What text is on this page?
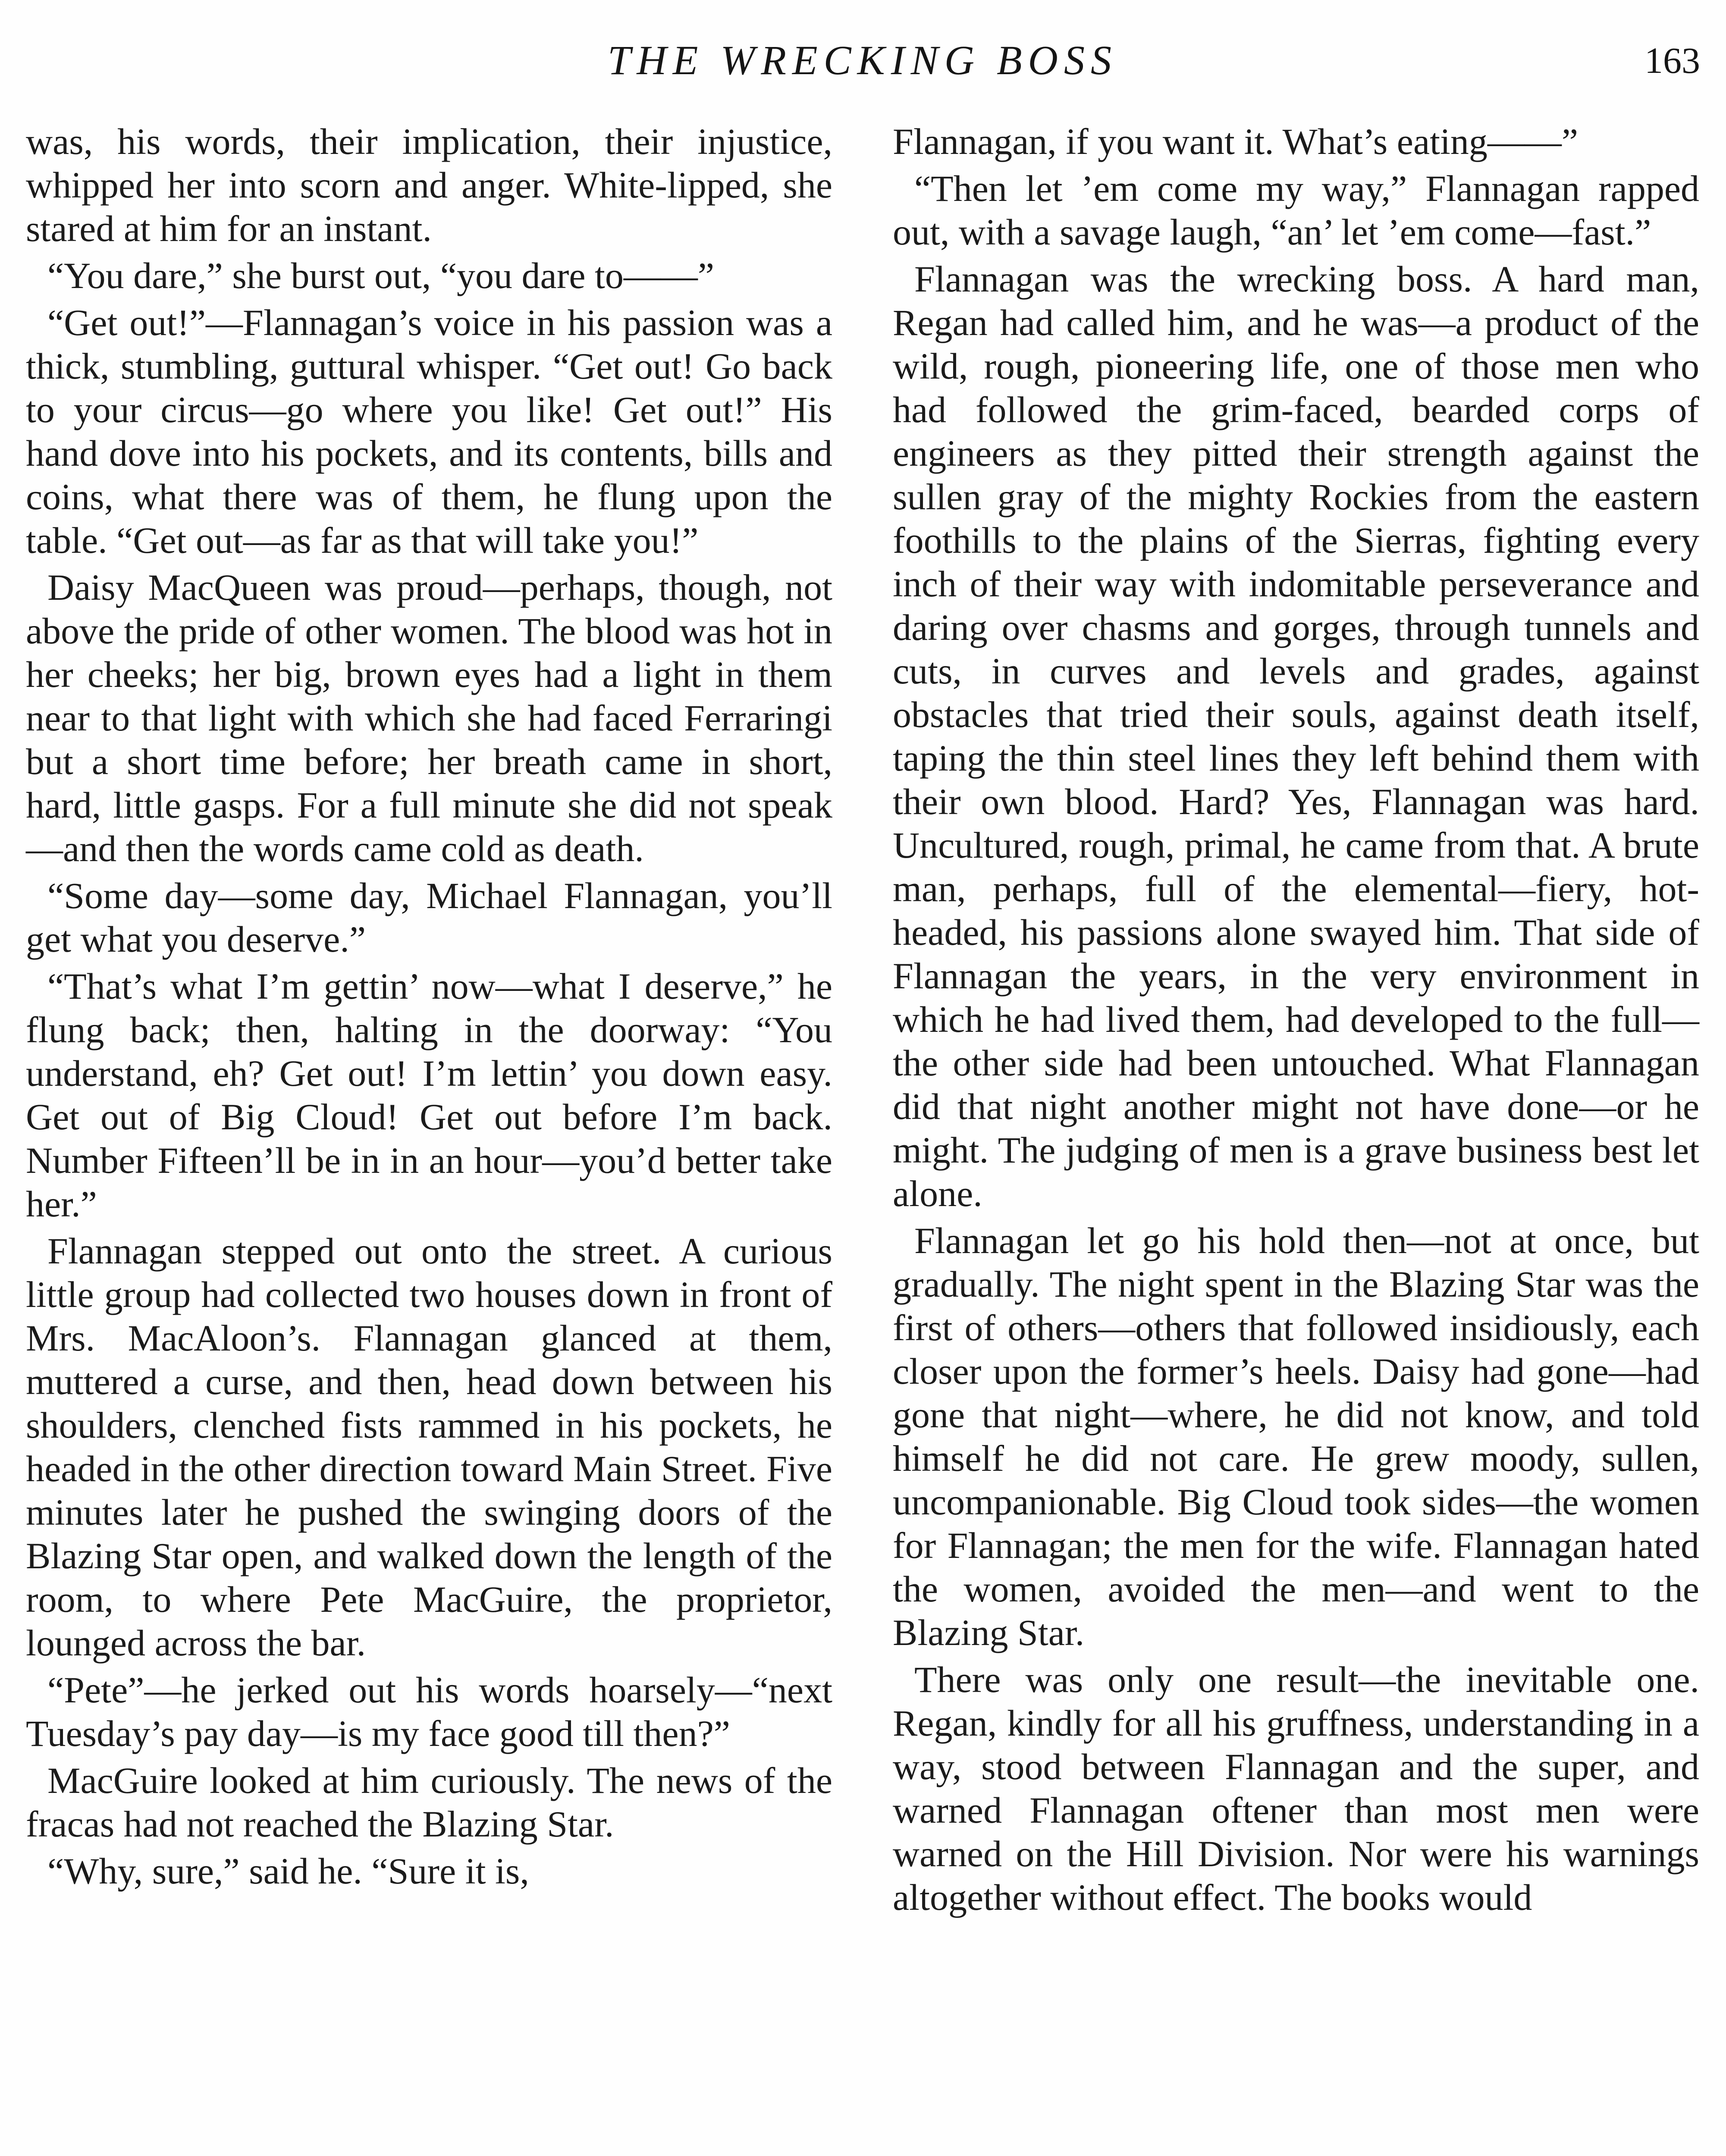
THE WRECKING BOSS	163

was, his words, their implication, their injustice, whipped her into scorn and anger. White-lipped, she stared at him for an instant.

“You dare,” she burst out, “you dare to——”

“Get out!”—Flannagan’s voice in his passion was a thick, stumbling, guttural whisper. “Get out! Go back to your circus—go where you like! Get out!” His hand dove into his pockets, and its contents, bills and coins, what there was of them, he flung upon the table. “Get out—as far as that will take you!”

Daisy MacQueen was proud—perhaps, though, not above the pride of other women. The blood was hot in her cheeks; her big, brown eyes had a light in them near to that light with which she had faced Ferraringi but a short time before; her breath came in short, hard, little gasps. For a full minute she did not speak—and then the words came cold as death.

“Some day—some day, Michael Flannagan, you’ll get what you deserve.”

“That’s what I’m gettin’ now—what I deserve,” he flung back; then, halting in the doorway: “You understand, eh? Get out! I’m lettin’ you down easy. Get out of Big Cloud! Get out before I’m back. Number Fifteen’ll be in in an hour—you’d better take her.”

Flannagan stepped out onto the street. A curious little group had collected two houses down in front of Mrs. MacAloon’s. Flannagan glanced at them, muttered a curse, and then, head down between his shoulders, clenched fists rammed in his pockets, he headed in the other direction toward Main Street. Five minutes later he pushed the swinging doors of the Blazing Star open, and walked down the length of the room, to where Pete MacGuire, the proprietor, lounged across the bar.

“Pete”—he jerked out his words hoarsely—“next Tuesday’s pay day—is my face good till then?”

MacGuire looked at him curiously. The news of the fracas had not reached the Blazing Star.

“Why, sure,” said he. “Sure it is,

Flannagan, if you want it. What’s eating——”

“Then let ’em come my way,” Flannagan rapped out, with a savage laugh, “an’ let ’em come—fast.”

Flannagan was the wrecking boss. A hard man, Regan had called him, and he was—a product of the wild, rough, pioneering life, one of those men who had followed the grim-faced, bearded corps of engineers as they pitted their strength against the sullen gray of the mighty Rockies from the eastern foothills to the plains of the Sierras, fighting every inch of their way with indomitable perseverance and daring over chasms and gorges, through tunnels and cuts, in curves and levels and grades, against obstacles that tried their souls, against death itself, taping the thin steel lines they left behind them with their own blood. Hard? Yes, Flannagan was hard. Uncultured, rough, primal, he came from that. A brute man, perhaps, full of the elemental—fiery, hot-headed, his passions alone swayed him. That side of Flannagan the years, in the very environment in which he had lived them, had developed to the full—the other side had been untouched. What Flannagan did that night another might not have done—or he might. The judging of men is a grave business best let alone.

Flannagan let go his hold then—not at once, but gradually. The night spent in the Blazing Star was the first of others—others that followed insidiously, each closer upon the former’s heels. Daisy had gone—had gone that night—where, he did not know, and told himself he did not care. He grew moody, sullen, uncompanionable. Big Cloud took sides—the women for Flannagan; the men for the wife. Flannagan hated the women, avoided the men—and went to the Blazing Star.

There was only one result—the inevitable one. Regan, kindly for all his gruffness, understanding in a way, stood between Flannagan and the super, and warned Flannagan oftener than most men were warned on the Hill Division. Nor were his warnings altogether without effect. The books would
